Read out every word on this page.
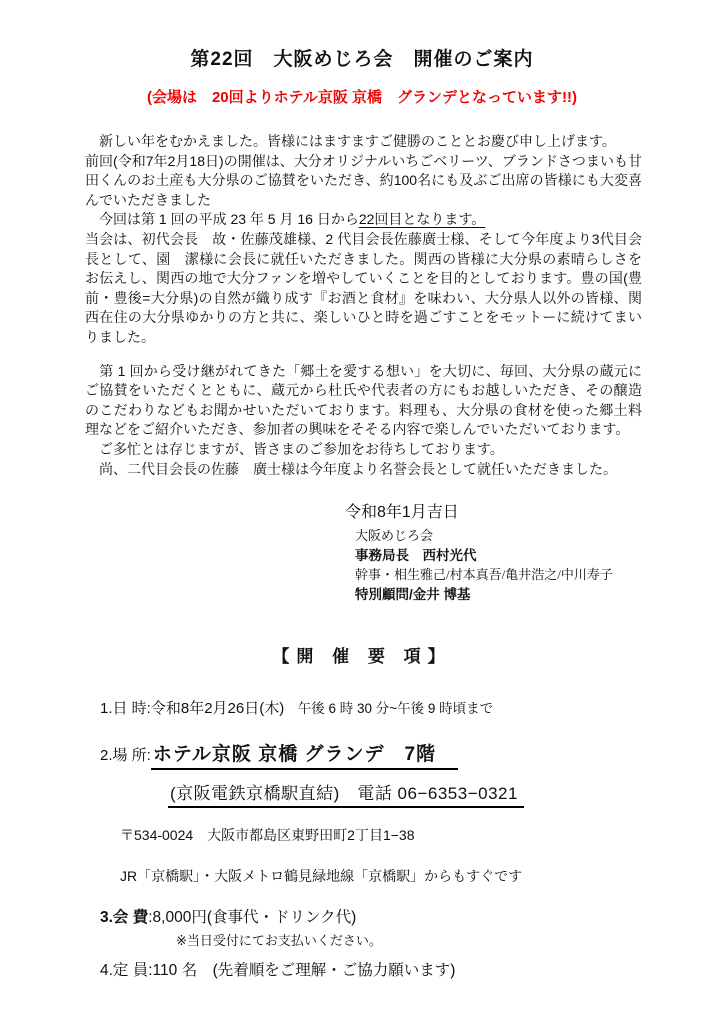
第22回　大阪めじろ会　開催のご案内
(会場は　20回よりホテル京阪 京橋　グランデとなっています!!)
　新しい年をむかえました。皆様にはますますご健勝のこととお慶び申し上げます。
前回(令和7年2月18日)の開催は、大分オリジナルいちごベリーツ、ブランドさつまいも甘田くんのお土産も大分県のご協賛をいただき、約100名にも及ぶご出席の皆様にも大変喜んでいただきました
　今回は第 1 回の平成 23 年 5 月 16 日から22回目となります。
当会は、初代会長　故・佐藤茂雄様、2 代目会長佐藤廣士様、そして今年度より3代目会長として、園　潔様に会長に就任いただきました。関西の皆様に大分県の素晴らしさをお伝えし、関西の地で大分ファンを増やしていくことを目的としております。豊の国(豊前・豊後=大分県)の自然が織り成す『お酒と食材』を味わい、大分県人以外の皆様、関西在住の大分県ゆかりの方と共に、楽しいひと時を過ごすことをモットーに続けてまいりました。
　第 1 回から受け継がれてきた「郷土を愛する想い」を大切に、毎回、大分県の蔵元にご協賛をいただくとともに、蔵元から杜氏や代表者の方にもお越しいただき、その醸造のこだわりなどもお聞かせいただいております。料理も、大分県の食材を使った郷土料理などをご紹介いただき、参加者の興味をそそる内容で楽しんでいただいております。
　ご多忙とは存じますが、皆さまのご参加をお待ちしております。
　尚、二代目会長の佐藤　廣士様は今年度より名誉会長として就任いただきました。
令和8年1月吉日
大阪めじろ会
事務局長　西村光代
幹事・相生雅己/村本真吾/亀井浩之/中川寿子
特別顧問/金井 博基
【開 催 要 項】
1.日 時:令和8年2月26日(木)　午後 6 時 30 分~午後 9 時頃まで
2.場 所: ホテル京阪 京橋 グランデ　7階
(京阪電鉄京橋駅直結)　電話 06−6353−0321
〒534-0024　大阪市都島区東野田町2丁目1−38
JR「京橋駅」・大阪メトロ鶴見緑地線「京橋駅」からもすぐです
3.会 費:8,000円(食事代・ドリンク代)
※当日受付にてお支払いください。
4.定 員:110 名　(先着順をご理解・ご協力願います)
